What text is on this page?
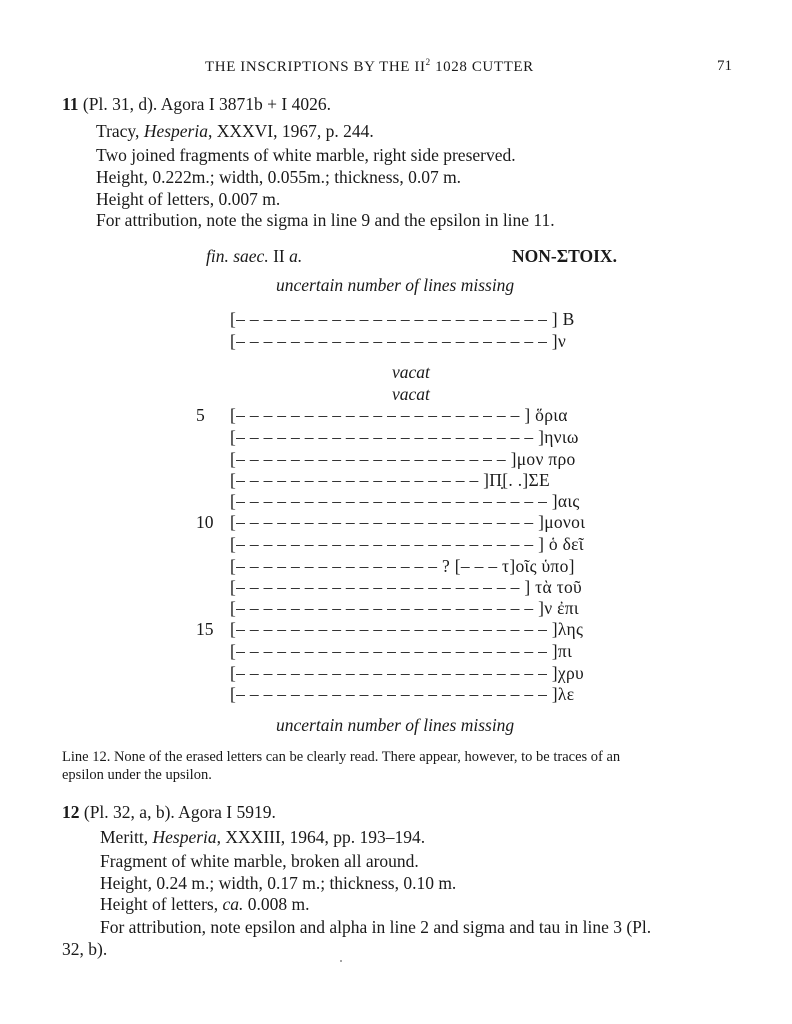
THE INSCRIPTIONS BY THE $II^2$ 1028 CUTTER	71
11 (Pl. 31, d). Agora I 3871b + I 4026.
Tracy, Hesperia, XXXVI, 1967, p. 244.
Two joined fragments of white marble, right side preserved.
Height, 0.222m.; width, 0.055m.; thickness, 0.07 m.
Height of letters, 0.007 m.
For attribution, note the sigma in line 9 and the epsilon in line 11.
fin. saec. II a.	NON-ΣΤΟΙΧ.
uncertain number of lines missing
[– – – – – – – – – – – – – – – – – – – – – – – ] Β
[– – – – – – – – – – – – – – – – – – – – – – – ]ν
vacat
vacat
5 [– – – – – – – – – – – – – – – – – – – – – ] ὅρια
[– – – – – – – – – – – – – – – – – – – – – – ]ηνιω
[– – – – – – – – – – – – – – – – – – – – ]μον προ
[– – – – – – – – – – – – – – – – – – ]Π̣[. .]ΣΕ
[– – – – – – – – – – – – – – – – – – – – – – – ]αις
10 [– – – – – – – – – – – – – – – – – – – – – – ]μονοι
[– – – – – – – – – – – – – – – – – – – – – – ] ὁ δεῖ
[– – – – – – – – – – – – – – – ? [– – – τ]οῖς ὑπο]
[– – – – – – – – – – – – – – – – – – – – – ] τὰ τοῦ
[– – – – – – – – – – – – – – – – – – – – – – ]ν ἐπι
15 [– – – – – – – – – – – – – – – – – – – – – – – ]λης
[– – – – – – – – – – – – – – – – – – – – – – – ]πι
[– – – – – – – – – – – – – – – – – – – – – – – ]χρυ
[– – – – – – – – – – – – – – – – – – – – – – – ]λε
uncertain number of lines missing
Line 12. None of the erased letters can be clearly read. There appear, however, to be traces of an
epsilon under the upsilon.
12 (Pl. 32, a, b). Agora I 5919.
Meritt, Hesperia, XXXIII, 1964, pp. 193–194.
Fragment of white marble, broken all around.
Height, 0.24 m.; width, 0.17 m.; thickness, 0.10 m.
Height of letters, ca. 0.008 m.
For attribution, note epsilon and alpha in line 2 and sigma and tau in line 3 (Pl.
32, b).
